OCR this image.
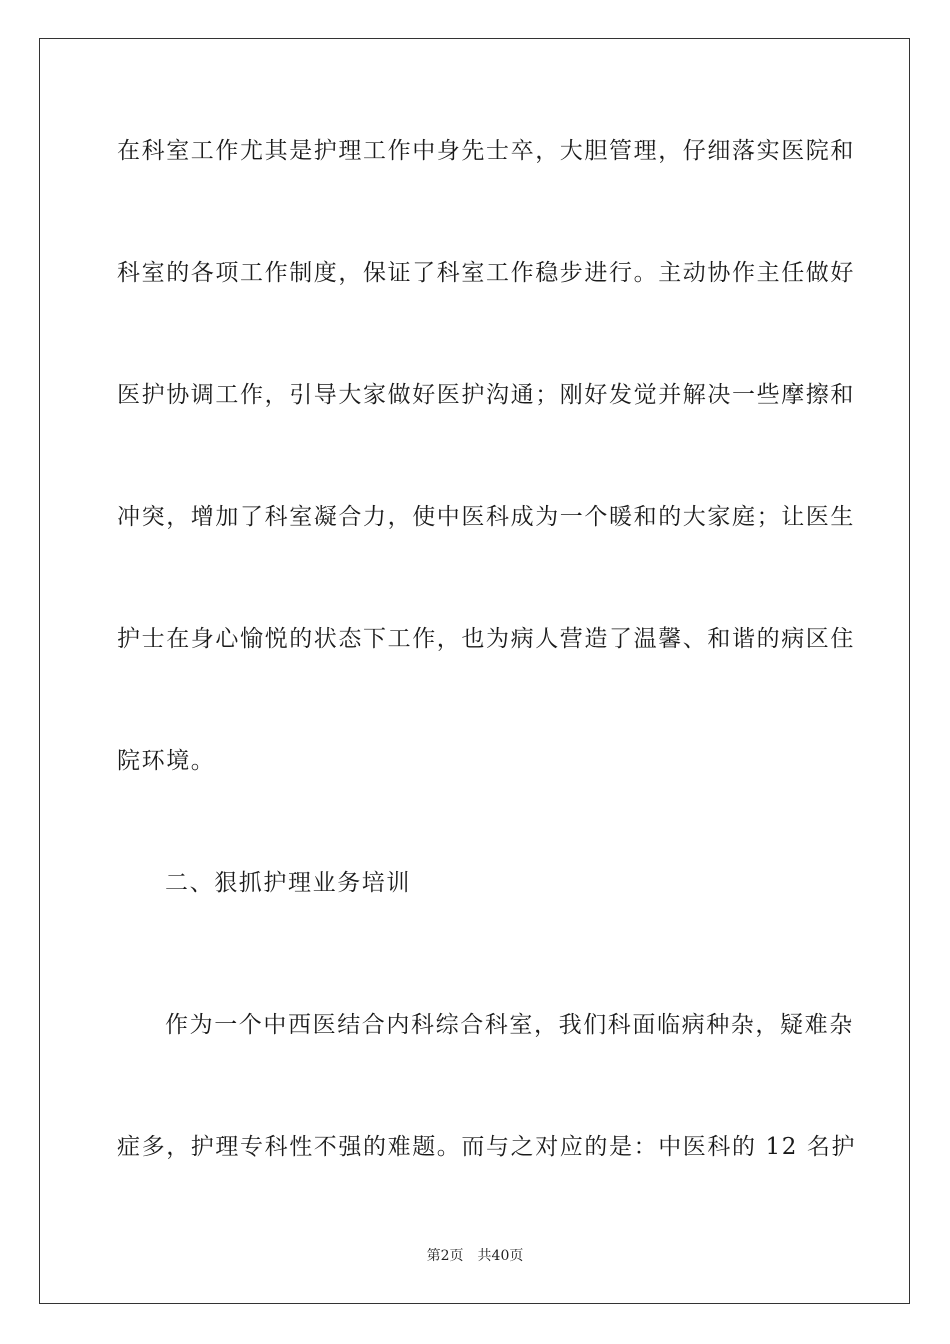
在科室工作尤其是护理工作中身先士卒，大胆管理，仔细落实医院和
科室的各项工作制度，保证了科室工作稳步进行。主动协作主任做好
医护协调工作，引导大家做好医护沟通；刚好发觉并解决一些摩擦和
冲突，增加了科室凝合力，使中医科成为一个暖和的大家庭；让医生
护士在身心愉悦的状态下工作，也为病人营造了温馨、和谐的病区住
院环境。
二、狠抓护理业务培训
作为一个中西医结合内科综合科室，我们科面临病种杂，疑难杂
症多，护理专科性不强的难题。而与之对应的是：中医科的 12 名护
第2页 共40页
